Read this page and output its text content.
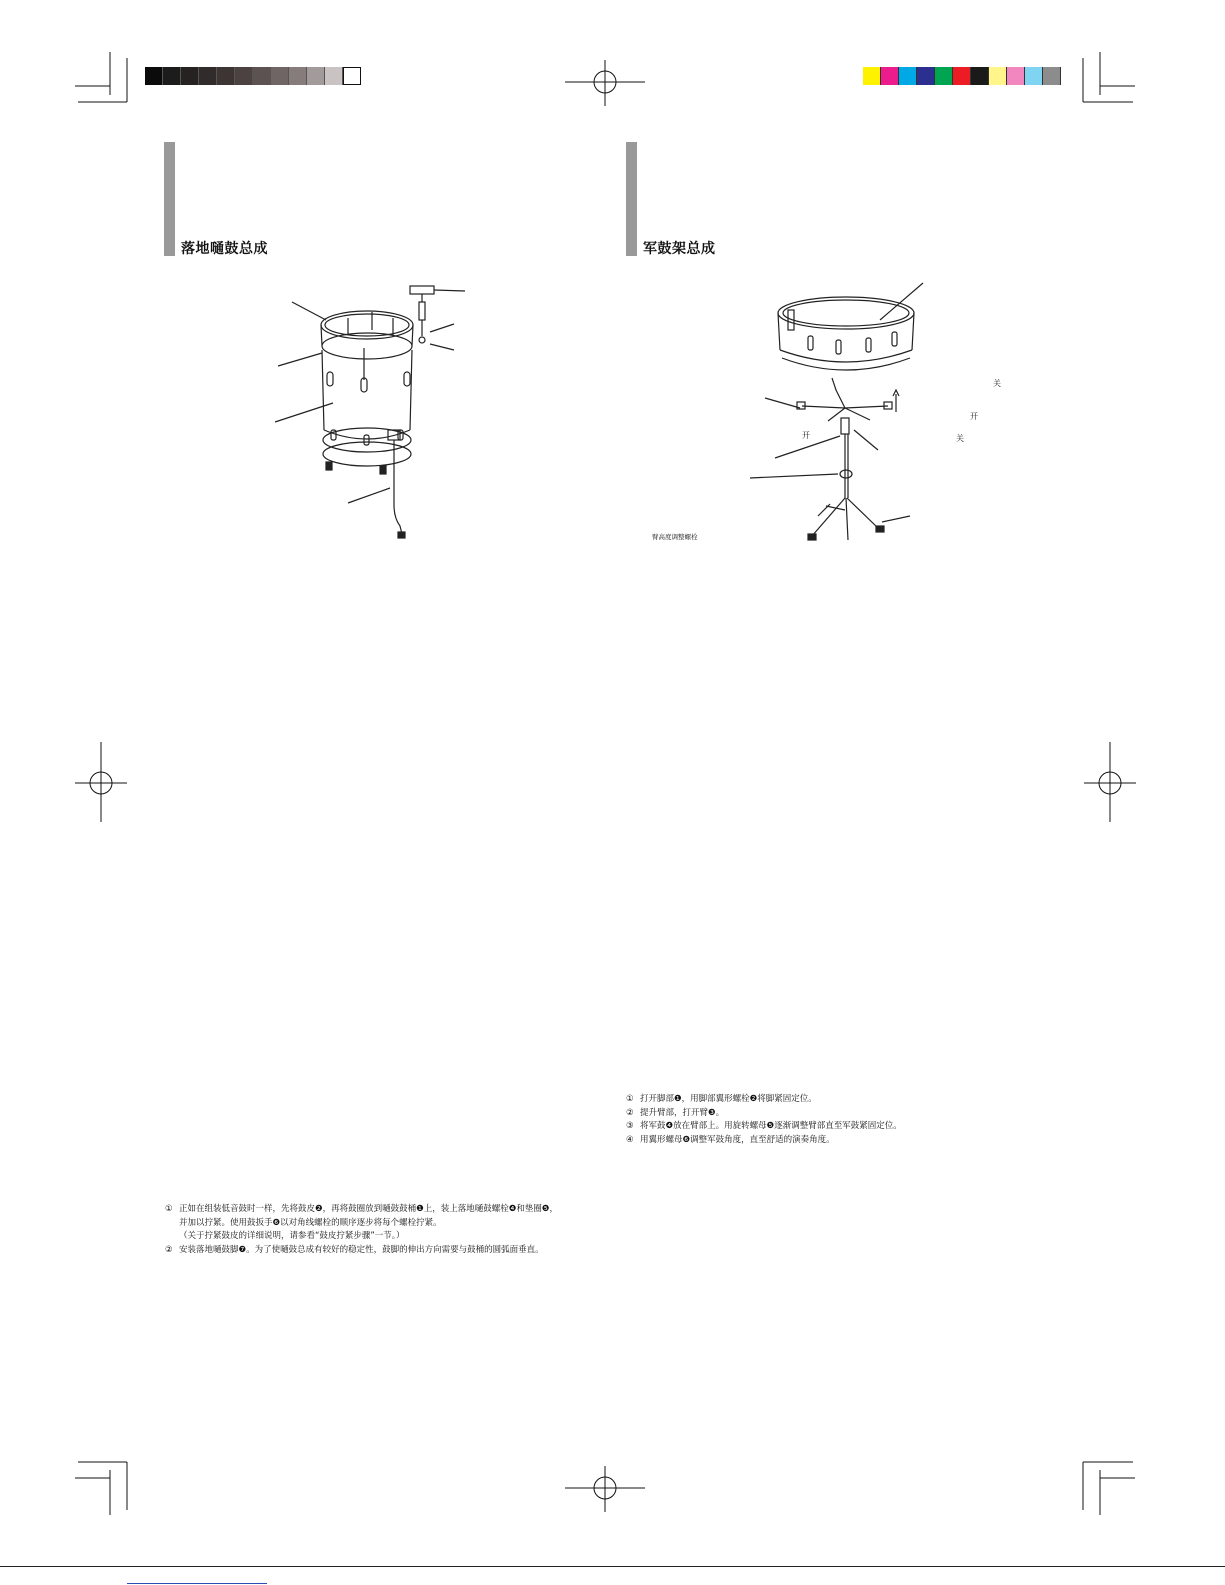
落地嗵鼓总成
① 正如在组装低音鼓时一样，先将鼓皮❷，再将鼓圈放到嗵鼓鼓桶❶上，装上落地嗵鼓螺栓❹和垫圈❺，
并加以拧紧。使用鼓扳手❻以对角线螺栓的顺序逐步将每个螺栓拧紧。
（关于拧紧鼓皮的详细说明，请参看“鼓皮拧紧步骤”一节。）
② 安装落地嗵鼓脚❼。为了使嗵鼓总成有较好的稳定性，鼓脚的伸出方向需要与鼓桶的圆弧面垂直。
军鼓架总成
关
开
关
开
臂高度调整螺栓
① 打开脚部❶，用脚部翼形螺栓❷将脚紧固定位。
② 提升臂部，打开臂❸。
③ 将军鼓❹放在臂部上。用旋转螺母❺逐渐调整臂部直至军鼓紧固定位。
④ 用翼形螺母❻调整军鼓角度，直至舒适的演奏角度。
